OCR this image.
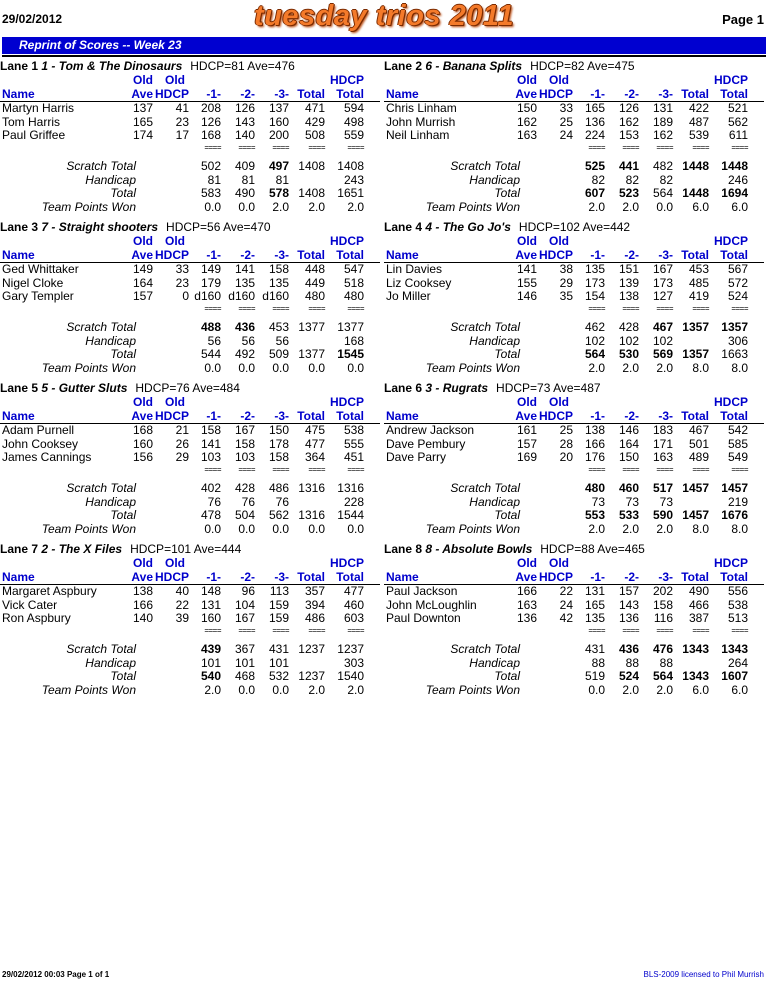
29/02/2012	tuesday trios 2011	Page 1
Reprint of Scores -- Week 23
Lane 1 1 - Tom & The Dinosaurs HDCP=81 Ave=476
Old Old	HDCP
Name	Ave HDCP -1- -2- -3- Total Total
Martyn Harris	137 41 208 126 137 471 594
Tom Harris	165 23 126 143 160 429 498
Paul Griffee	174 17 168 140 200 508 559
==== ==== ==== ====	====
Scratch Total	502 409 497 1408 1408
Handicap	81 81 81	243
Total	583 490 578 1408 1651
Team Points Won	0.0 0.0 2.0 2.0 2.0
Lane 2 6 - Banana Splits HDCP=82 Ave=475
Old Old	HDCP
Name	Ave HDCP -1- -2- -3- Total Total
Chris Linham	150 33 165 126 131 422 521
John Murrish	162 25 136 162 189 487 562
Neil Linham	163 24 224 153 162 539 611
==== ==== ==== ====	====
Scratch Total	525 441 482 1448 1448
Handicap	82 82 82	246
Total	607 523 564 1448 1694
Team Points Won	2.0 2.0 0.0 6.0 6.0
Lane 3 7 - Straight shooters HDCP=56 Ave=470
Old Old	HDCP
Name	Ave HDCP -1- -2- -3- Total Total
Ged Whittaker	149 33 149 141 158 448 547
Nigel Cloke	164 23 179 135 135 449 518
Gary Templer	157 0 d160 d160 d160 480 480
==== ==== ==== ====	====
Scratch Total	488 436 453 1377 1377
Handicap	56 56 56	168
Total	544 492 509 1377 1545
Team Points Won	0.0 0.0 0.0 0.0 0.0
Lane 4 4 - The Go Jo's HDCP=102 Ave=442
Old Old	HDCP
Name	Ave HDCP -1- -2- -3- Total Total
Lin Davies	141 38 135 151 167 453 567
Liz Cooksey	155 29 173 139 173 485 572
Jo Miller	146 35 154 138 127 419 524
==== ==== ==== ====	====
Scratch Total	462 428 467 1357 1357
Handicap	102 102 102	306
Total	564 530 569 1357 1663
Team Points Won	2.0 2.0 2.0 8.0 8.0
Lane 5 5 - Gutter Sluts HDCP=76 Ave=484
Old Old	HDCP
Name	Ave HDCP -1- -2- -3- Total Total
Adam Purnell	168 21 158 167 150 475 538
John Cooksey	160 26 141 158 178 477 555
James Cannings	156 29 103 103 158 364 451
==== ==== ==== ====	====
Scratch Total	402 428 486 1316 1316
Handicap	76 76 76	228
Total	478 504 562 1316 1544
Team Points Won	0.0 0.0 0.0 0.0 0.0
Lane 6 3 - Rugrats HDCP=73 Ave=487
Old Old	HDCP
Name	Ave HDCP -1- -2- -3- Total Total
Andrew Jackson	161 25 138 146 183 467 542
Dave Pembury	157 28 166 164 171 501 585
Dave Parry	169 20 176 150 163 489 549
==== ==== ==== ====	====
Scratch Total	480 460 517 1457 1457
Handicap	73 73 73	219
Total	553 533 590 1457 1676
Team Points Won	2.0 2.0 2.0 8.0 8.0
Lane 7 2 - The X Files HDCP=101 Ave=444
Old Old	HDCP
Name	Ave HDCP -1- -2- -3- Total Total
Margaret Aspbury	138 40 148 96 113 357 477
Vick Cater	166 22 131 104 159 394 460
Ron Aspbury	140 39 160 167 159 486 603
==== ==== ==== ====	====
Scratch Total	439 367 431 1237 1237
Handicap	101 101 101	303
Total	540 468 532 1237 1540
Team Points Won	2.0 0.0 0.0 2.0 2.0
Lane 8 8 - Absolute Bowls HDCP=88 Ave=465
Old Old	HDCP
Name	Ave HDCP -1- -2- -3- Total Total
Paul Jackson	166 22 131 157 202 490 556
John McLoughlin	163 24 165 143 158 466 538
Paul Downton	136 42 135 136 116 387 513
==== ==== ==== ====	====
Scratch Total	431 436 476 1343 1343
Handicap	88 88 88	264
Total	519 524 564 1343 1607
Team Points Won	0.0 2.0 2.0 6.0 6.0
29/02/2012 00:03 Page 1 of 1	BLS-2009 licensed to Phil Murrish
